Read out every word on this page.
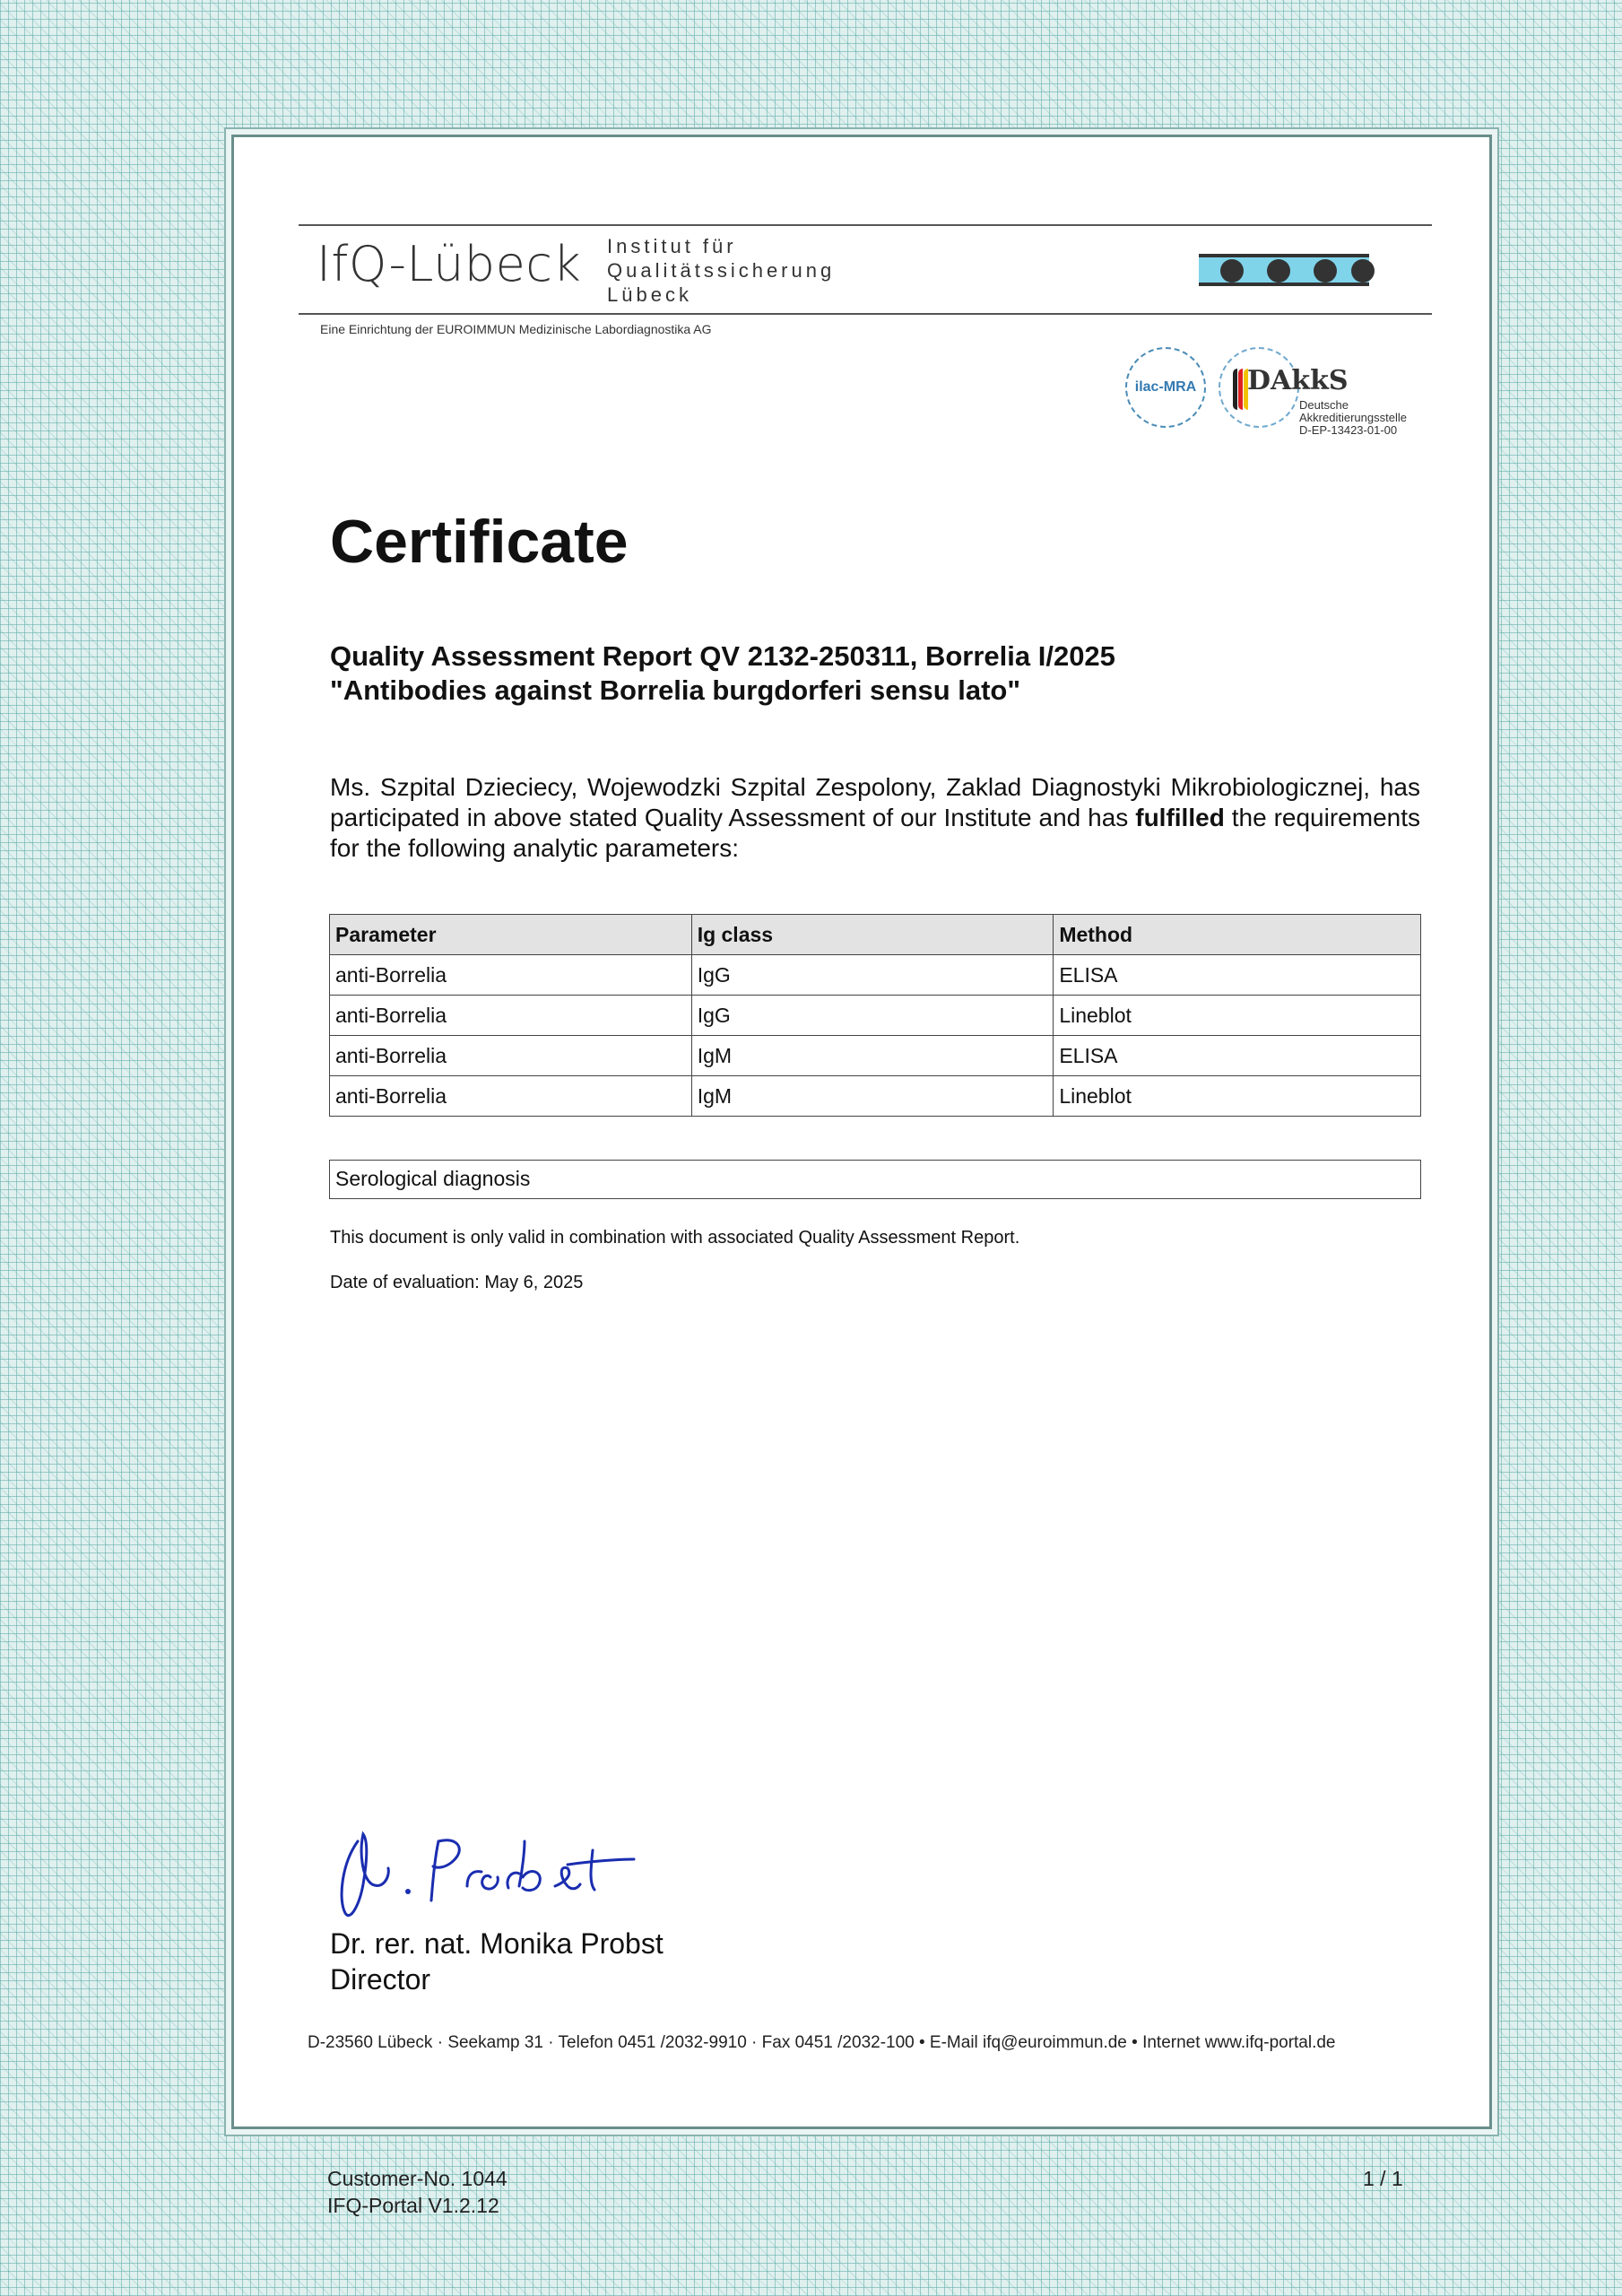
IfQ-Lübeck Institut für
Qualitätssicherung
Lübeck
Eine Einrichtung der EUROIMMUN Medizinische Labordiagnostika AG
ilac-MRA	DAkkS
Deutsche
Akkreditierungsstelle
D-EP-13423-01-00
Certificate
Quality Assessment Report QV 2132-250311, Borrelia I/2025
"Antibodies against Borrelia burgdorferi sensu lato"
Ms. Szpital Dzieciecy, Wojewodzki Szpital Zespolony, Zaklad Diagnostyki Mikrobiologicznej, has participated in above stated Quality Assessment of our Institute and has fulfilled the requirements for the following analytic parameters:
Parameter	Ig class	Method
anti-Borrelia	IgG	ELISA
anti-Borrelia	IgG	Lineblot
anti-Borrelia	IgM	ELISA
anti-Borrelia	IgM	Lineblot
Serological diagnosis
This document is only valid in combination with associated Quality Assessment Report.
Date of evaluation: May 6, 2025
Dr. rer. nat. Monika Probst
Director
D-23560 Lübeck · Seekamp 31 · Telefon 0451 /2032-9910 · Fax 0451 /2032-100 • E-Mail ifq@euroimmun.de • Internet www.ifq-portal.de
Customer-No. 1044
IFQ-Portal V1.2.12
1 / 1
